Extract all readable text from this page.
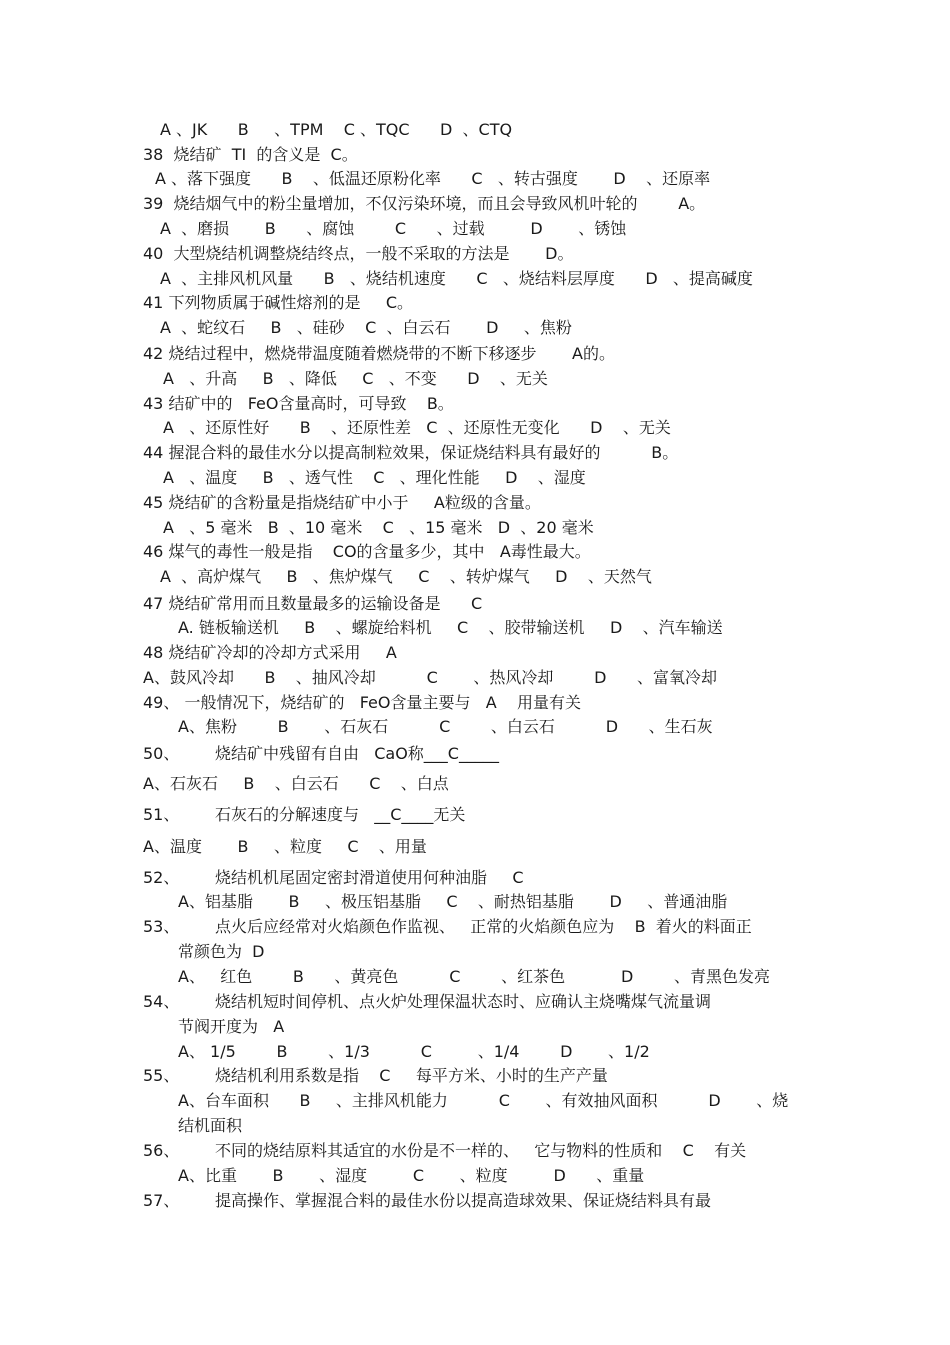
A 、JK      B     、TPM    C 、TQC      D  、CTQ
38  烧结矿  TI  的含义是  C。
A 、落下强度      B    、低温还原粉化率      C   、转古强度       D    、还原率
39  烧结烟气中的粉尘量增加，不仅污染环境，而且会导致风机叶轮的        A。
A  、磨损       B      、腐蚀        C      、过载         D       、锈蚀
40  大型烧结机调整烧结终点，一般不采取的方法是       D。
A  、主排风机风量      B   、烧结机速度      C   、烧结料层厚度      D   、提高碱度
41 下列物质属于碱性熔剂的是     C。
A  、蛇纹石     B   、硅砂    C  、白云石       D     、焦粉
42 烧结过程中，燃烧带温度随着燃烧带的不断下移逐步       A的。
A   、升高     B   、降低     C   、不变      D    、无关
43 结矿中的   FeO含量高时，可导致    B。
A   、还原性好      B    、还原性差   C  、还原性无变化      D    、无关
44 握混合料的最佳水分以提高制粒效果，保证烧结料具有最好的          B。
A   、温度     B   、透气性    C   、理化性能     D    、湿度
45 烧结矿的含粉量是指烧结矿中小于     A粒级的含量。
A   、5 毫米   B  、10 毫米    C   、15 毫米   D  、20 毫米
46 煤气的毒性一般是指    CO的含量多少，其中   A毒性最大。
A  、高炉煤气     B   、焦炉煤气     C    、转炉煤气     D    、天然气
47 烧结矿常用而且数量最多的运输设备是      C
A. 链板输送机     B    、螺旋给料机     C    、胶带输送机     D    、汽车输送
48 烧结矿冷却的冷却方式采用     A
A、鼓风冷却      B    、抽风冷却          C       、热风冷却        D      、富氧冷却
49、 一般情况下，烧结矿的   FeO含量主要与   A    用量有关
A、焦粉        B       、石灰石          C        、白云石          D      、生石灰
50、       烧结矿中残留有自由   CaO称___C_____
A、石灰石     B    、白云石      C    、白点
51、       石灰石的分解速度与   __C____无关
A、温度       B     、粒度     C    、用量
52、       烧结机机尾固定密封滑道使用何种油脂     C
A、铝基脂       B     、极压铝基脂     C    、耐热铝基脂       D     、普通油脂
53、       点火后应经常对火焰颜色作监视、   正常的火焰颜色应为    B  着火的料面正
常颜色为  D
A、   红色        B      、黄亮色          C        、红茶色           D        、青黑色发亮
54、       烧结机短时间停机、点火炉处理保温状态时、应确认主烧嘴煤气流量调
节阀开度为   A
A、 1/5        B        、1/3          C         、1/4        D       、1/2
55、       烧结机利用系数是指    C     每平方米、小时的生产产量
A、台车面积      B     、主排风机能力          C       、有效抽风面积          D       、烧
结机面积
56、       不同的烧结原料其适宜的水份是不一样的、   它与物料的性质和    C    有关
A、比重       B       、湿度         C       、粒度         D      、重量
57、       提高操作、掌握混合料的最佳水份以提高造球效果、保证烧结料具有最
